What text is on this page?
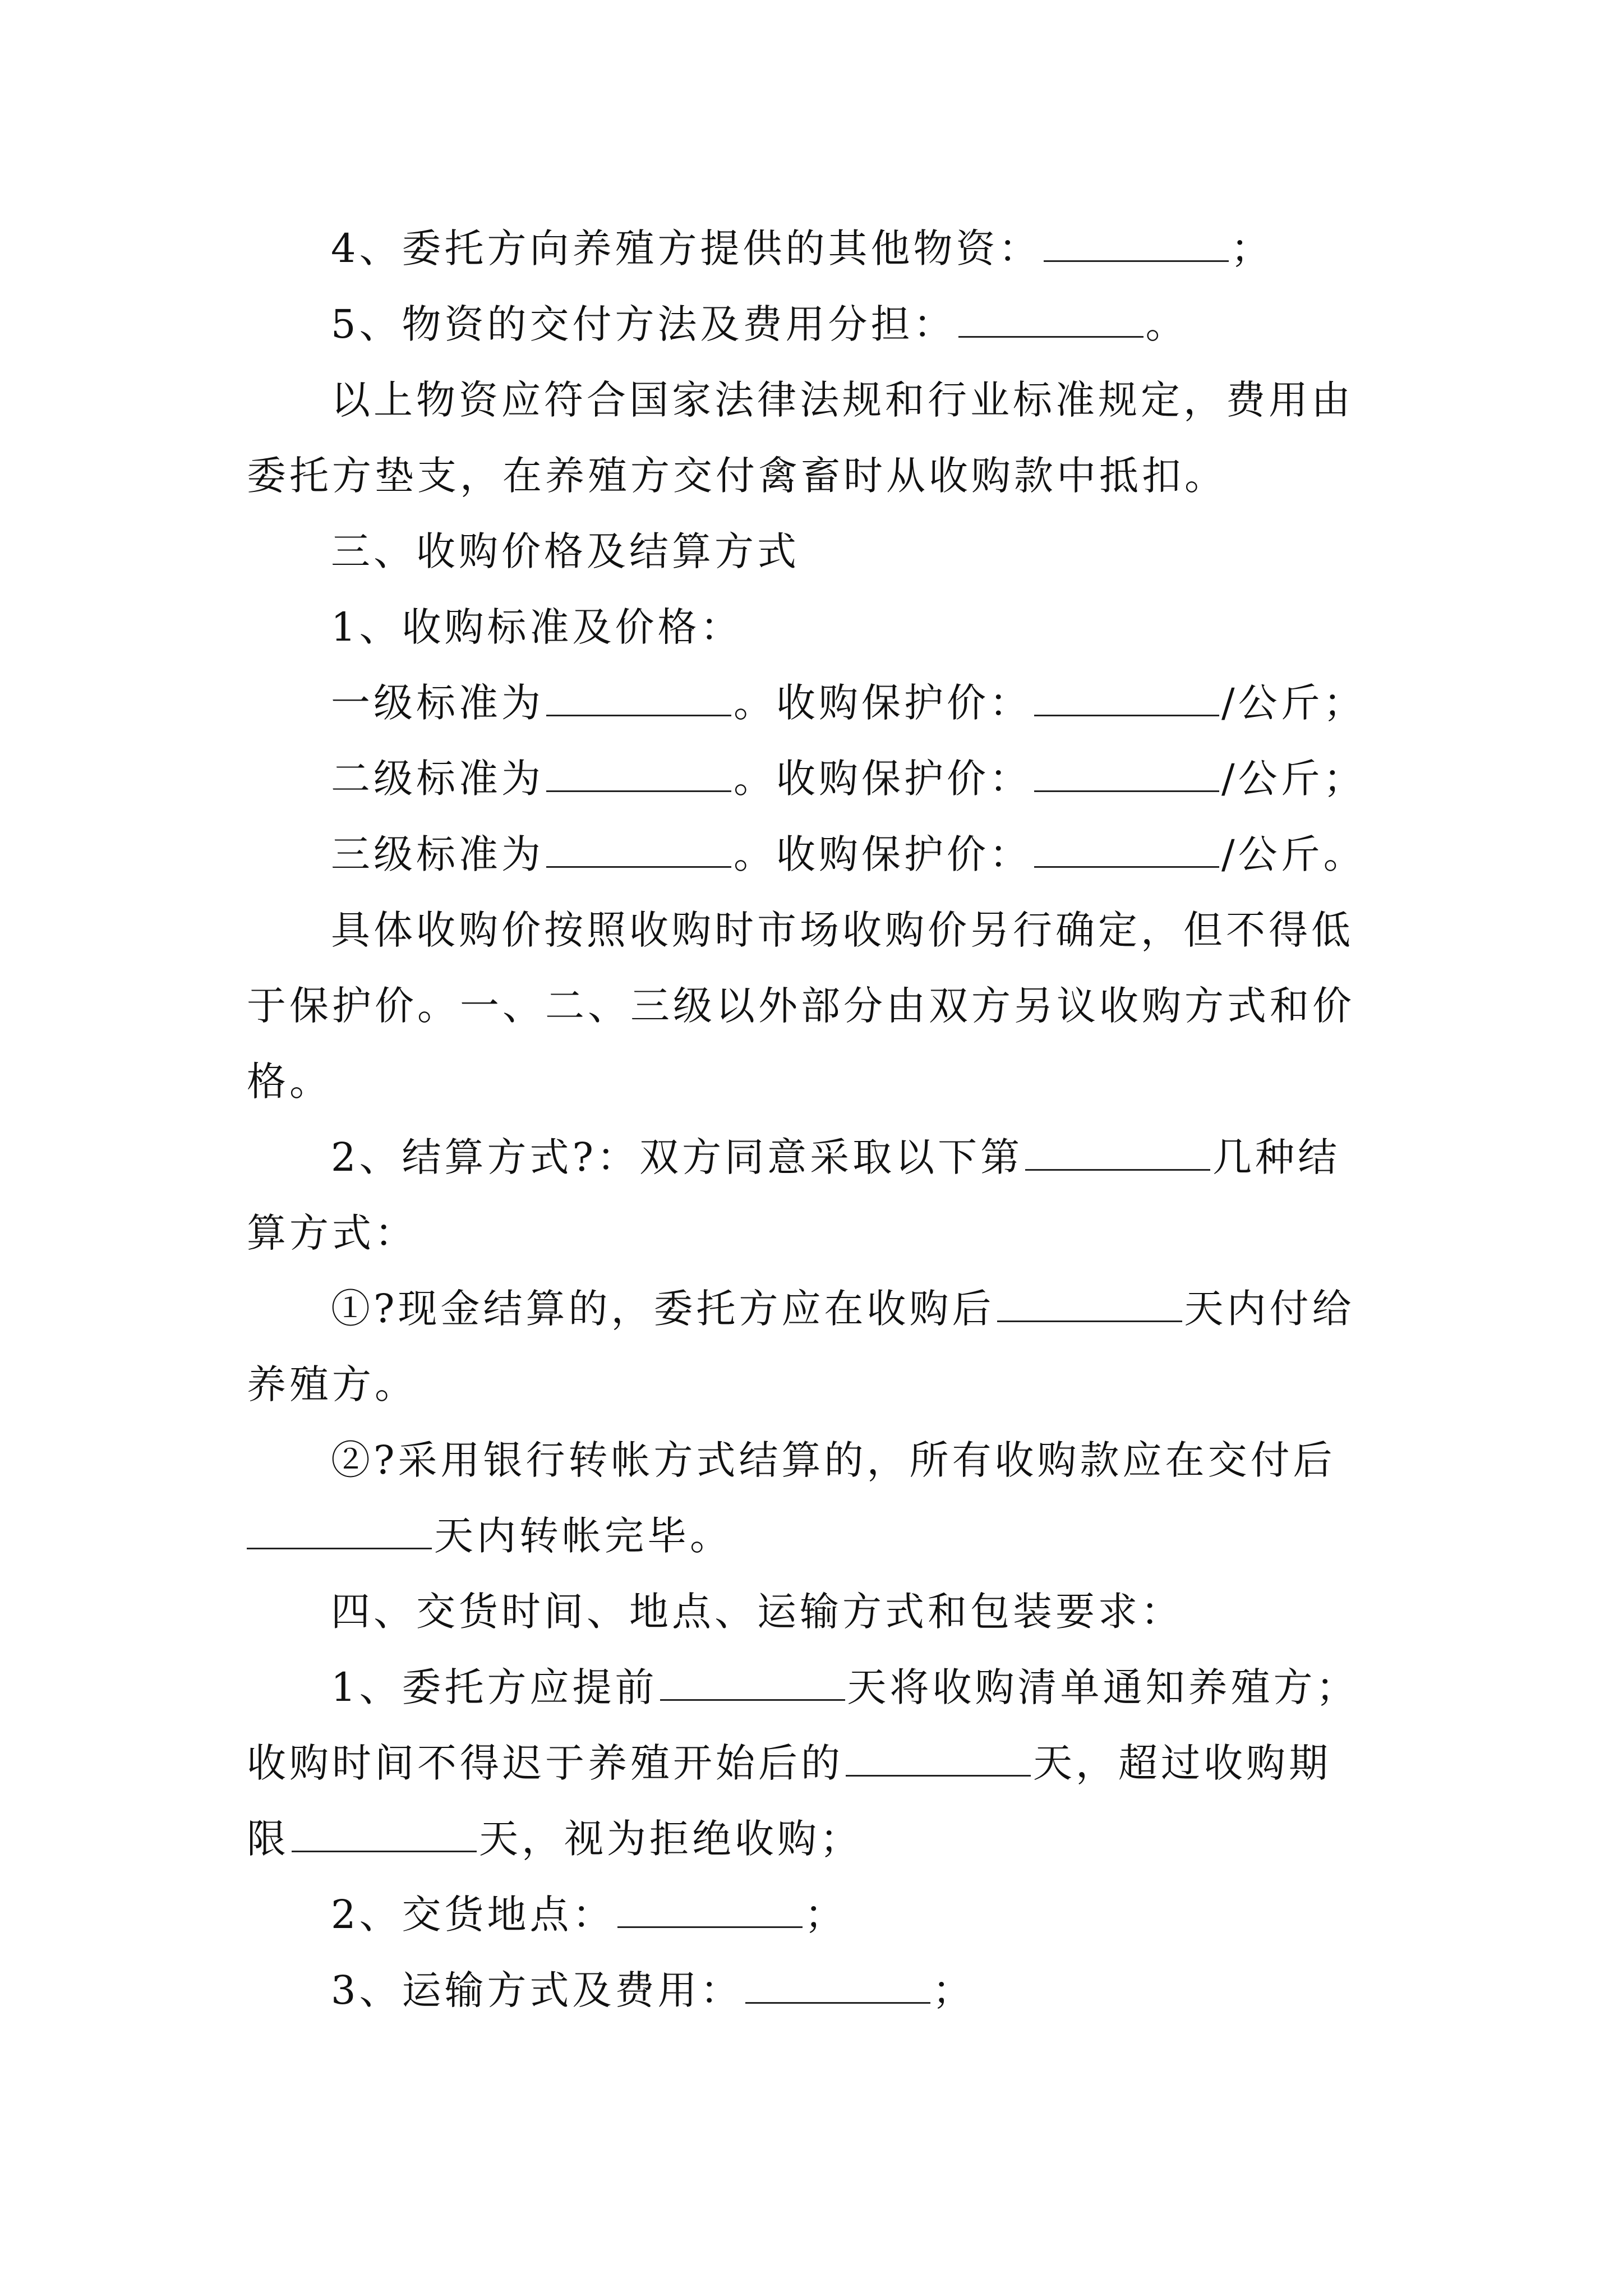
4、委托方向养殖方提供的其他物资：	；
5、物资的交付方法及费用分担：	。
以上物资应符合国家法律法规和行业标准规定，费用由
委托方垫支，在养殖方交付禽畜时从收购款中抵扣。
三、收购价格及结算方式
1、收购标准及价格：
一级标准为	。收购保护价：	/公斤；
二级标准为	。收购保护价：	/公斤；
三级标准为	。收购保护价：	/公斤。
具体收购价按照收购时市场收购价另行确定，但不得低
于保护价。一、二、三级以外部分由双方另议收购方式和价
格。
2、结算方式?：双方同意采取以下第	几种结
算方式：
①?现金结算的，委托方应在收购后	天内付给
养殖方。
②?采用银行转帐方式结算的，所有收购款应在交付后
天内转帐完毕。
四、交货时间、地点、运输方式和包装要求：
1、委托方应提前	天将收购清单通知养殖方；
收购时间不得迟于养殖开始后的	天，超过收购期
限	天，视为拒绝收购；
2、交货地点：	；
3、运输方式及费用：	；
